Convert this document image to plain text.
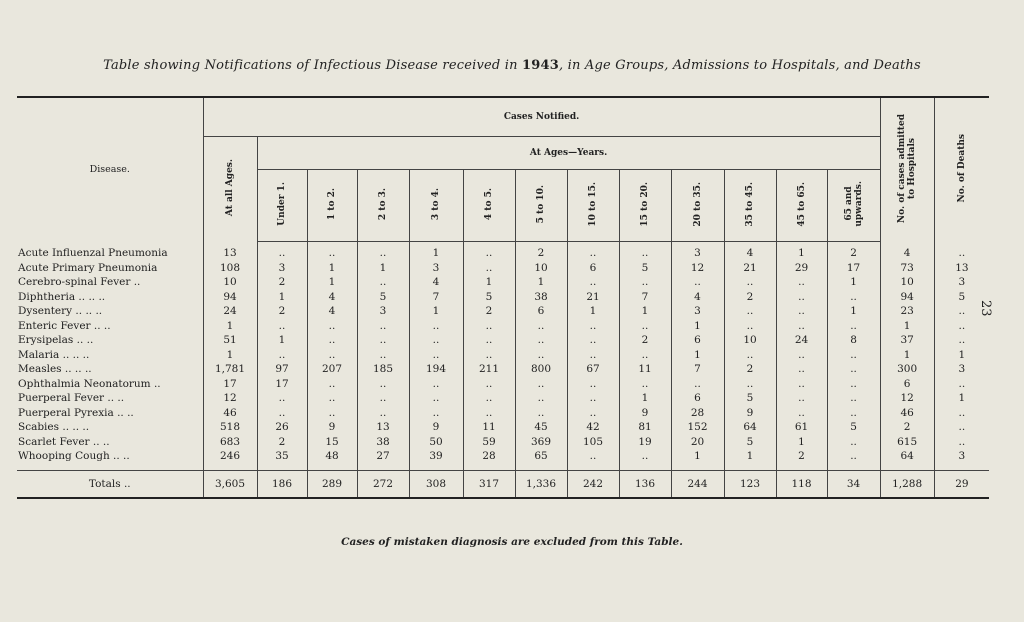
Table showing Notifications of Infectious Disease received in 1943, in Age Groups, Admissions to Hospitals, and Deaths
23
Disease.	Cases Notified.													No. of cases admitted
to Hospitals	No. of Deaths
	At all Ages.	At Ages—Years.													
		Under 1.	1 to 2.	2 to 3.	3 to 4.	4 to 5.	5 to 10.	10 to 15.	15 to 20.	20 to 35.	35 to 45.	45 to 65.	65 and
upwards.		
Acute Influenzal Pneumonia	13	..	..	..	1	..	2	..	..	3	4	1	2	4	..
Acute Primary Pneumonia	108	3	1	1	3	..	10	6	5	12	21	29	17	73	13
Cerebro-spinal Fever ..	10	2	1	..	4	1	1	..	..	..	..	..	1	10	3
Diphtheria .. .. ..	94	1	4	5	7	5	38	21	7	4	2	..	..	94	5
Dysentery .. .. ..	24	2	4	3	1	2	6	1	1	3	..	..	1	23	..
Enteric Fever .. ..	1	..	..	..	..	..	..	..	..	1	..	..	..	1	..
Erysipelas .. ..	51	1	..	..	..	..	..	..	2	6	10	24	8	37	..
Malaria .. .. ..	1	..	..	..	..	..	..	..	..	1	..	..	..	1	1
Measles .. .. ..	1,781	97	207	185	194	211	800	67	11	7	2	..	..	300	3
Ophthalmia Neonatorum ..	17	17	..	..	..	..	..	..	..	..	..	..	..	6	..
Puerperal Fever .. ..	12	..	..	..	..	..	..	..	1	6	5	..	..	12	1
Puerperal Pyrexia .. ..	46	..	..	..	..	..	..	..	9	28	9	..	..	46	..
Scabies .. .. ..	518	26	9	13	9	11	45	42	81	152	64	61	5	2	..
Scarlet Fever .. ..	683	2	15	38	50	59	369	105	19	20	5	1	..	615	..
Whooping Cough .. ..	246	35	48	27	39	28	65	..	..	1	1	2	..	64	3

Totals ..	3,605	186	289	272	308	317	1,336	242	136	244	123	118	34	1,288	29
Cases of mistaken diagnosis are excluded from this Table.
